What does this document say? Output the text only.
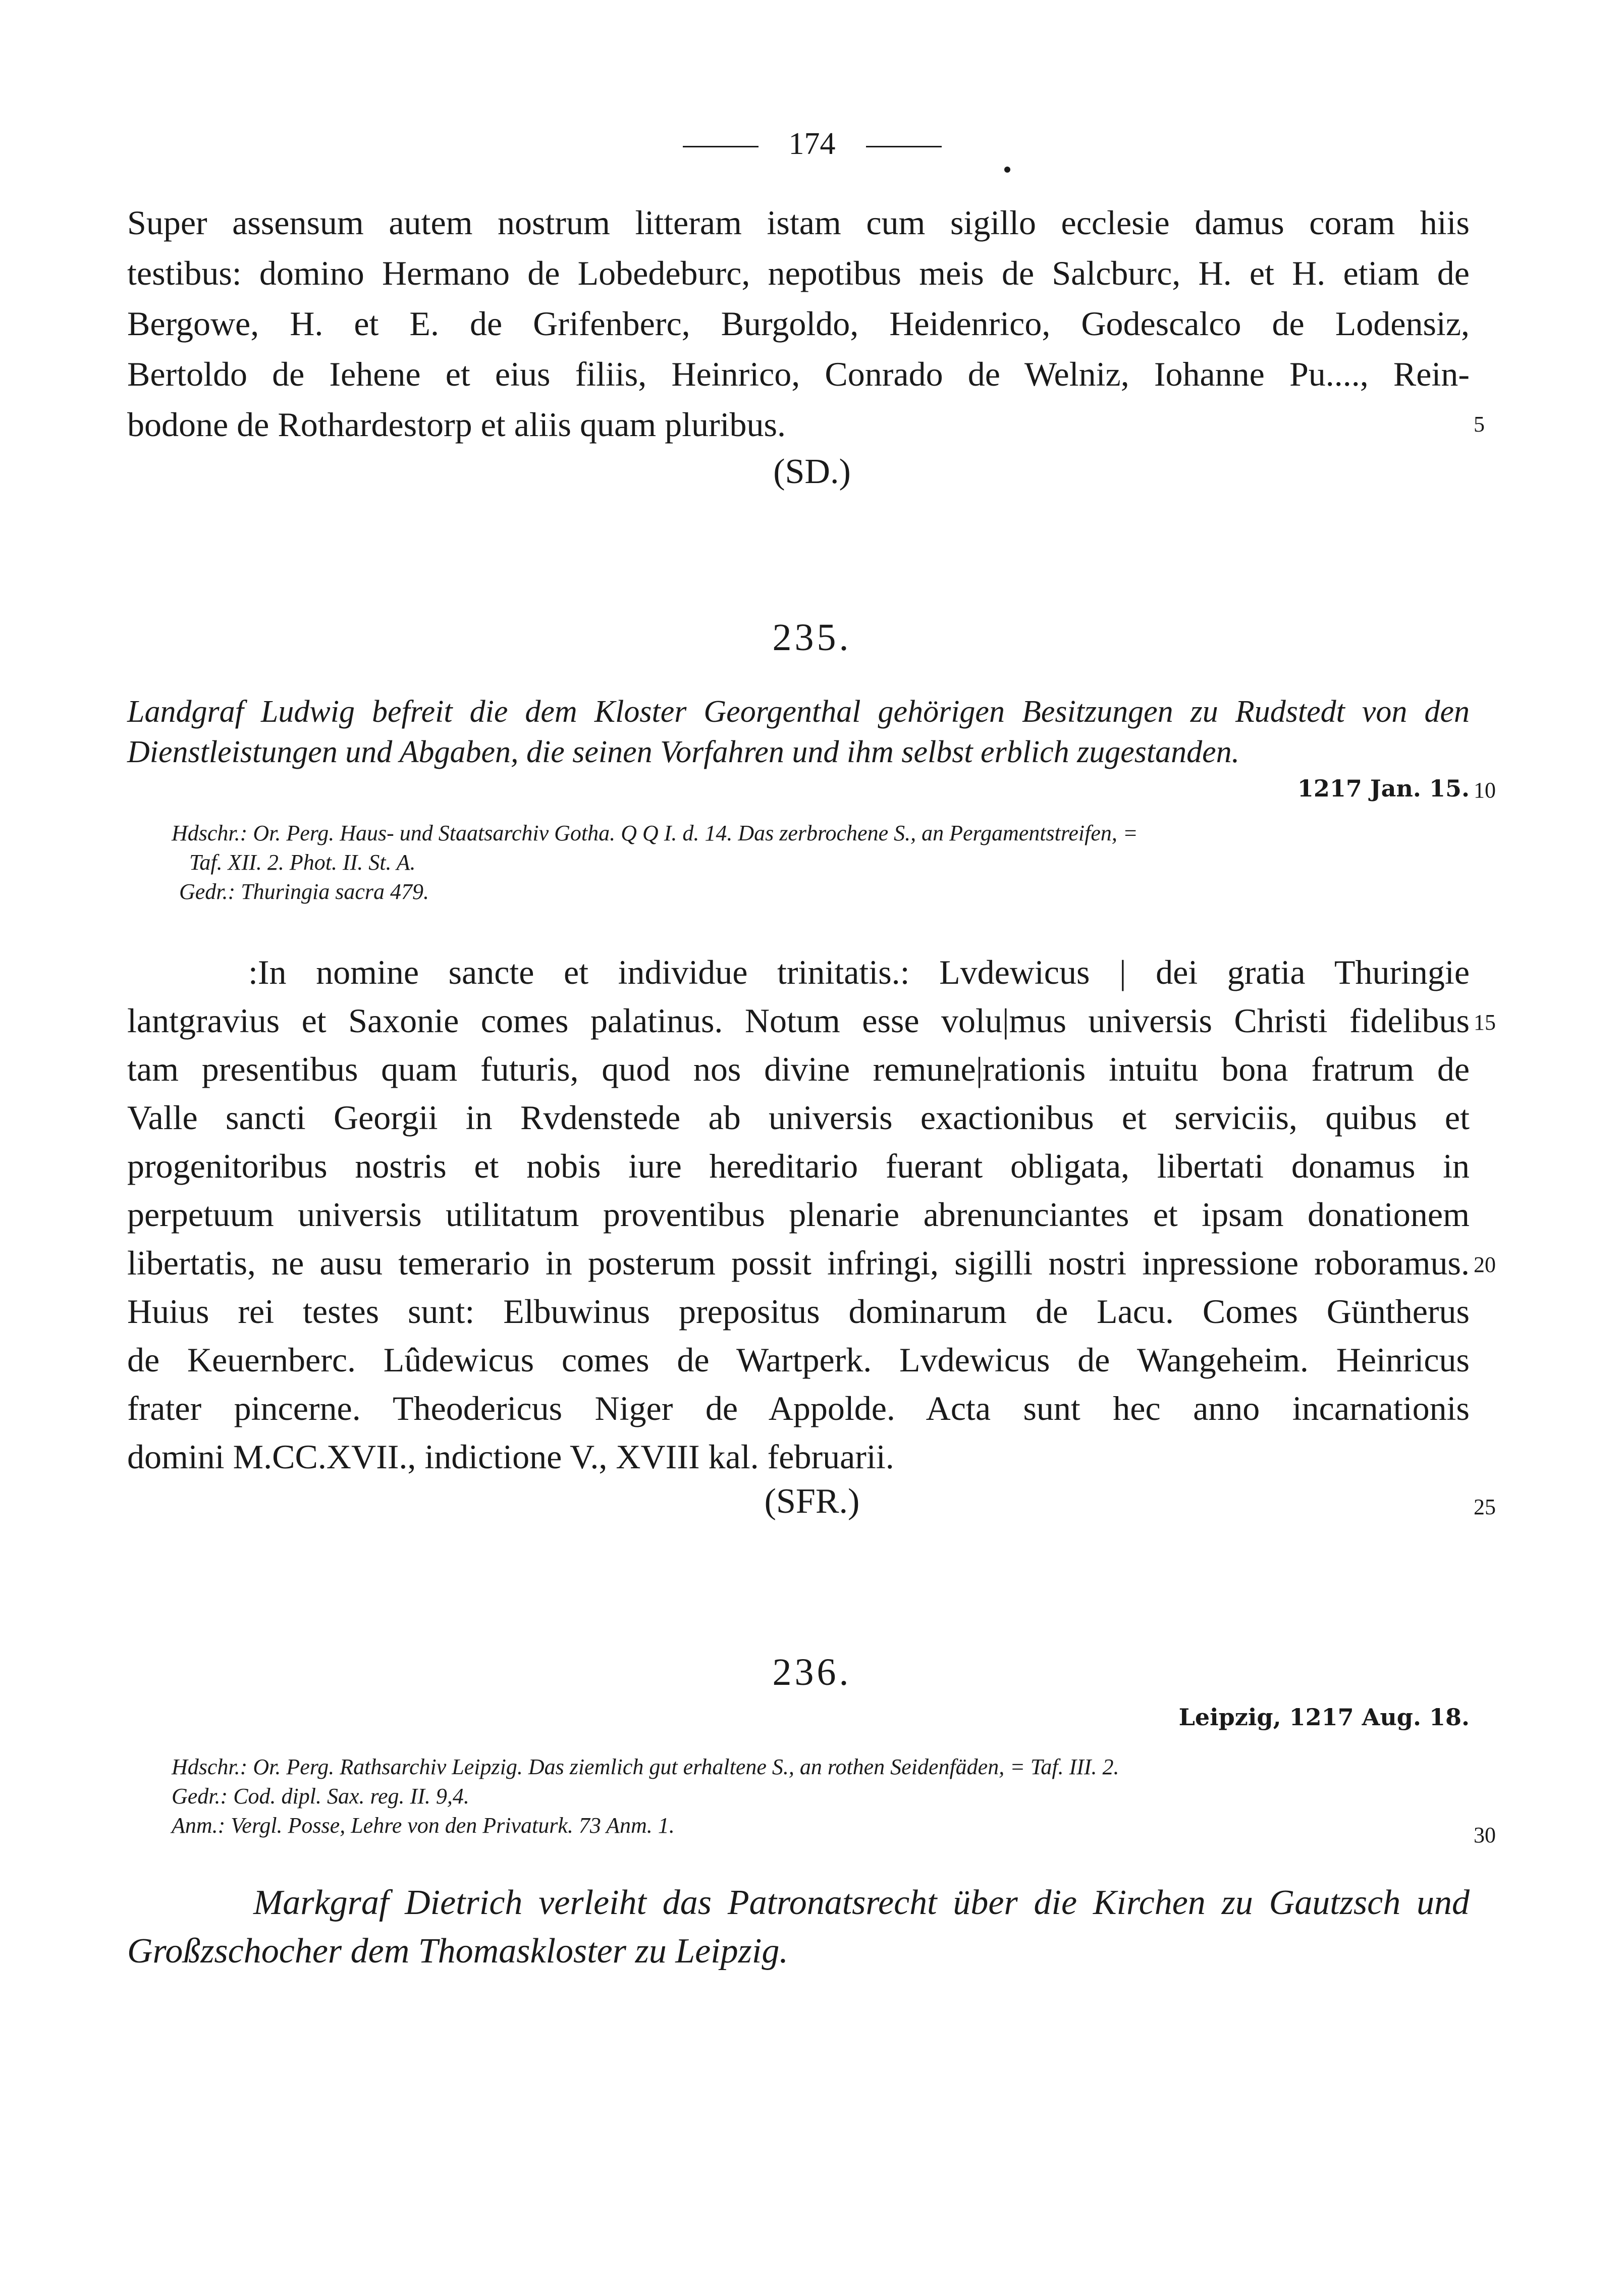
174
Super assensum autem nostrum litteram istam cum sigillo ecclesie damus coram hiis
testibus: domino Hermano de Lobedeburc, nepotibus meis de Salcburc, H. et H. etiam de
Bergowe, H. et E. de Grifenberc, Burgoldo, Heidenrico, Godescalco de Lodensiz,
Bertoldo de Iehene et eius filiis, Heinrico, Conrado de Welniz, Iohanne Pu...., Rein-
bodone de Rothardestorp et aliis quam pluribus.	5
(SD.)
235.
Landgraf Ludwig befreit die dem Kloster Georgenthal gehörigen Besitzungen zu Rudstedt von den
Dienstleistungen und Abgaben, die seinen Vorfahren und ihm selbst erblich zugestanden.
1217 Jan. 15. 10
Hdschr.: Or. Perg. Haus- und Staatsarchiv Gotha. Q Q I. d. 14. Das zerbrochene S., an Pergamentstreifen, =
Taf. XII. 2. Phot. II. St. A.
Gedr.: Thuringia sacra 479.
:In nomine sancte et individue trinitatis.: Lvdewicus | dei gratia Thuringie
lantgravius et Saxonie comes palatinus. Notum esse volu|mus universis Christi fidelibus
tam presentibus quam futuris, quod nos divine remune|rationis intuitu bona fratrum de
Valle sancti Georgii in Rvdenstede ab universis exactionibus et serviciis, quibus et
progenitoribus nostris et nobis iure hereditario fuerant obligata, libertati donamus in
perpetuum universis utilitatum proventibus plenarie abrenunciantes et ipsam donationem
libertatis, ne ausu temerario in posterum possit infringi, sigilli nostri inpressione roboramus.
Huius rei testes sunt: Elbuwinus prepositus dominarum de Lacu. Comes Güntherus
de Keuernberc. Lûdewicus comes de Wartperk. Lvdewicus de Wangeheim. Heinricus
frater pincerne. Theodericus Niger de Appolde. Acta sunt hec anno incarnationis
domini M.CC.XVII., indictione V., XVIII kal. februarii.
15
20
25
(SFR.)
236.
Leipzig, 1217 Aug. 18.
Hdschr.: Or. Perg. Rathsarchiv Leipzig. Das ziemlich gut erhaltene S., an rothen Seidenfäden, = Taf. III. 2.
Gedr.: Cod. dipl. Sax. reg. II. 9,4.
Anm.: Vergl. Posse, Lehre von den Privaturk. 73 Anm. 1.	30
Markgraf Dietrich verleiht das Patronatsrecht über die Kirchen zu Gautzsch und
Großzschocher dem Thomaskloster zu Leipzig.
